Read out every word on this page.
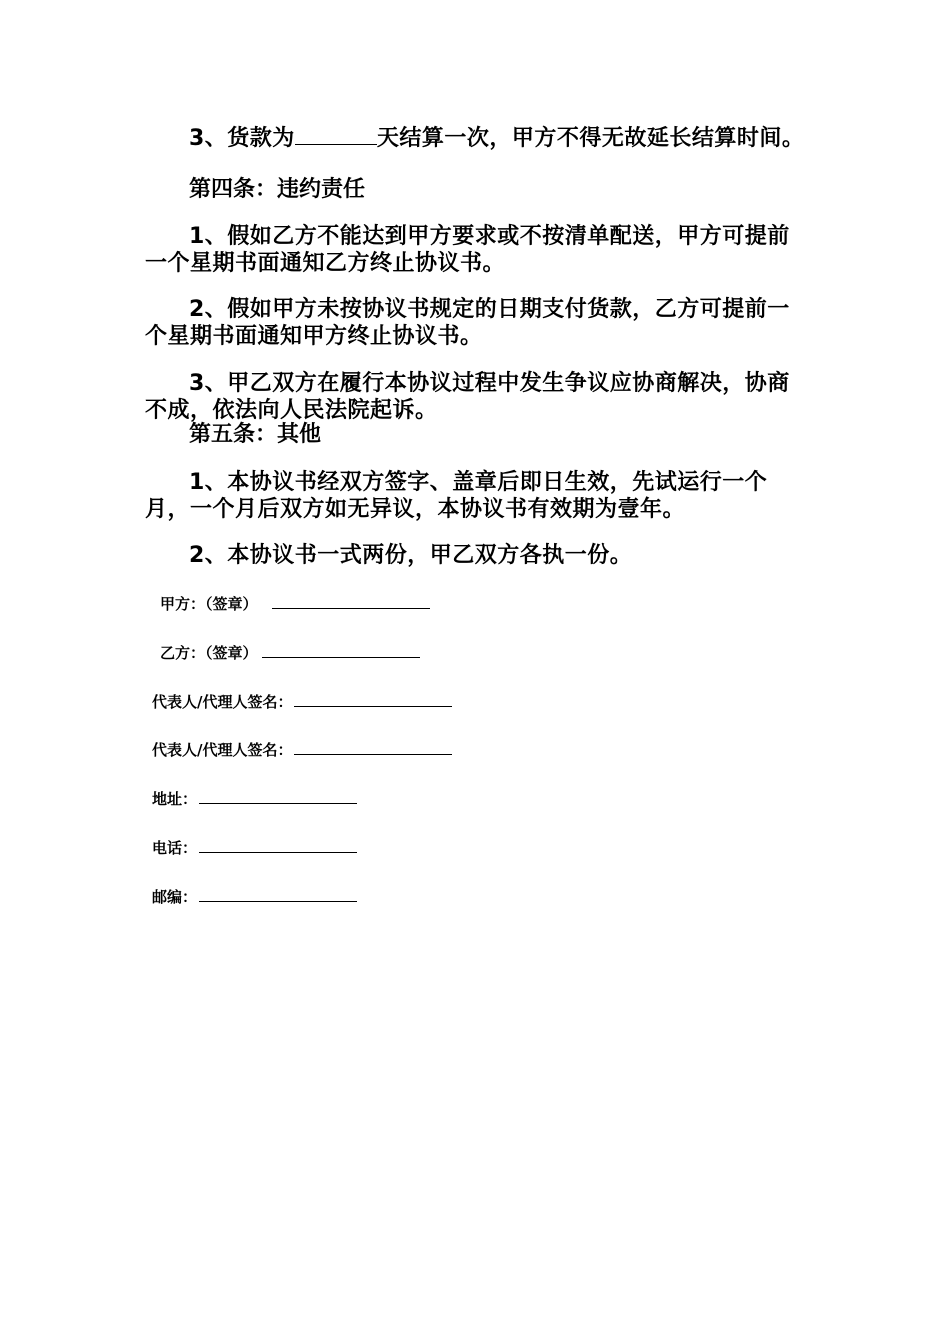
3、货款为	天结算一次，甲方不得无故延长结算时间。

第四条：违约责任

1、假如乙方不能达到甲方要求或不按清单配送，甲方可提前一个星期书面通知乙方终止协议书。

2、假如甲方未按协议书规定的日期支付货款，乙方可提前一个星期书面通知甲方终止协议书。

3、甲乙双方在履行本协议过程中发生争议应协商解决，协商不成，依法向人民法院起诉。

第五条：其他

1、本协议书经双方签字、盖章后即日生效，先试运行一个月，一个月后双方如无异议，本协议书有效期为壹年。

2、本协议书一式两份，甲乙双方各执一份。

甲方：（签章）
乙方：（签章）
代表人/代理人签名：
代表人/代理人签名：
地址：
电话：
邮编：
